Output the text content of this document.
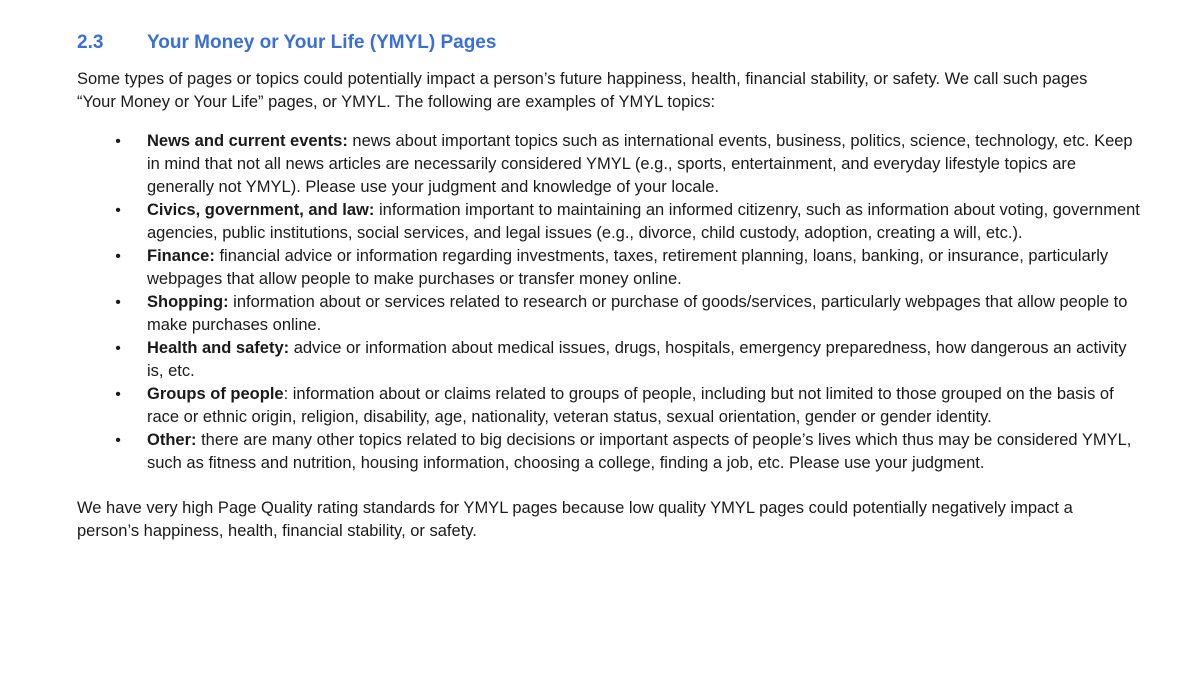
2.3	Your Money or Your Life (YMYL) Pages

Some types of pages or topics could potentially impact a person’s future happiness, health, financial stability, or safety. We call such pages “Your Money or Your Life” pages, or YMYL. The following are examples of YMYL topics:

• News and current events: news about important topics such as international events, business, politics, science, technology, etc. Keep in mind that not all news articles are necessarily considered YMYL (e.g., sports, entertainment, and everyday lifestyle topics are generally not YMYL). Please use your judgment and knowledge of your locale.
• Civics, government, and law: information important to maintaining an informed citizenry, such as information about voting, government agencies, public institutions, social services, and legal issues (e.g., divorce, child custody, adoption, creating a will, etc.).
• Finance: financial advice or information regarding investments, taxes, retirement planning, loans, banking, or insurance, particularly webpages that allow people to make purchases or transfer money online.
• Shopping: information about or services related to research or purchase of goods/services, particularly webpages that allow people to make purchases online.
• Health and safety: advice or information about medical issues, drugs, hospitals, emergency preparedness, how dangerous an activity is, etc.
• Groups of people: information about or claims related to groups of people, including but not limited to those grouped on the basis of race or ethnic origin, religion, disability, age, nationality, veteran status, sexual orientation, gender or gender identity.
• Other: there are many other topics related to big decisions or important aspects of people’s lives which thus may be considered YMYL, such as fitness and nutrition, housing information, choosing a college, finding a job, etc. Please use your judgment.

We have very high Page Quality rating standards for YMYL pages because low quality YMYL pages could potentially negatively impact a person’s happiness, health, financial stability, or safety.
